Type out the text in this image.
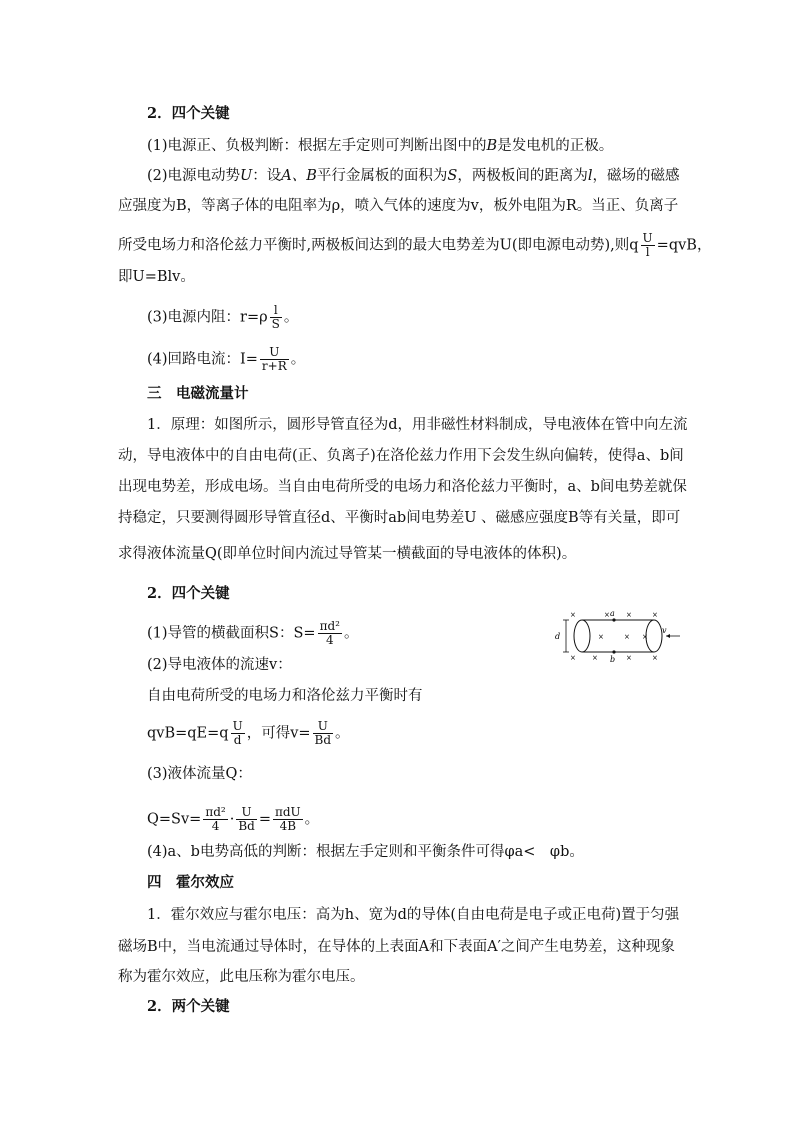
2．四个关键
(1)电源正、负极判断：根据左手定则可判断出图中的B是发电机的正极。
(2)电源电动势U：设A、B平行金属板的面积为S，两极板间的距离为l，磁场的磁感
应强度为B，等离子体的电阻率为ρ，喷入气体的速度为v，板外电阻为R。当正、负离子
所受电场力和洛伦兹力平衡时,两极板间达到的最大电势差为U(即电源电动势),则q $\frac{U}{l} =qvB$，
即U=Blv。
(3)电源内阻：$r=\rho \frac{l}{S}$ 。
(4)回路电流：$I= \frac{U}{r+R}$ 。
三　电磁流量计
1．原理：如图所示，圆形导管直径为d，用非磁性材料制成，导电液体在管中向左流
动，导电液体中的自由电荷(正、负离子)在洛伦兹力作用下会发生纵向偏转，使得a、b间
出现电势差，形成电场。当自由电荷所受的电场力和洛伦兹力平衡时，a、b间电势差就保
持稳定，只要测得圆形导管直径d、平衡时ab间电势差U 、磁感应强度B等有关量，即可
求得液体流量Q(即单位时间内流过导管某一横截面的导电液体的体积)。
2．四个关键
(1)导管的横截面积S：$S= \frac{\text{πd²}}{4}$ 。
(2)导电液体的流速v：
自由电荷所受的电场力和洛伦兹力平衡时有
$qvB=qE=q \frac{U}{d}$ ，可得$v= \frac{U}{Bd}$ 。
(3)液体流量Q：
$Q=Sv= \frac{\text{πd²}}{4} \cdot \frac{U}{Bd} = \frac{\text{πdU}}{4B}$ 。
(4)a、b电势高低的判断：根据左手定则和平衡条件可得φa<　φb。
四　霍尔效应
1．霍尔效应与霍尔电压：高为h、宽为d的导体(自由电荷是电子或正电荷)置于匀强
磁场B中，当电流通过导体时，在导体的上表面A和下表面A′之间产生电势差，这种现象
称为霍尔效应，此电压称为霍尔电压。
2．两个关键
×	× ×	×
× ×	×	×
×	× ×
a
b
d
v
